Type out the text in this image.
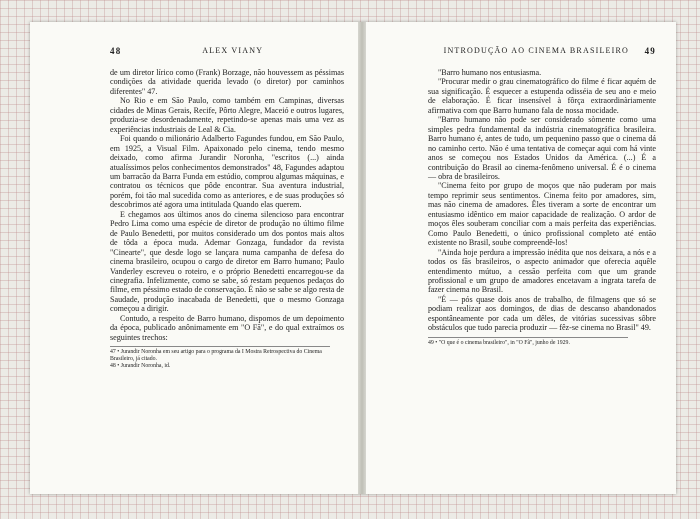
48	ALEX VIANY

de um diretor lírico como (Frank) Borzage, não houvessem as péssimas condições da atividade querida levado (o diretor) por caminhos diferentes" 47.

No Rio e em São Paulo, como também em Campinas, diversas cidades de Minas Gerais, Recife, Pôrto Alegre, Maceió e outros lugares, produzia-se desordenadamente, repetindo-se apenas mais uma vez as experiências industriais de Leal & Cia.

Foi quando o milionário Adalberto Fagundes fundou, em São Paulo, em 1925, a Visual Film. Apaixonado pelo cinema, tendo mesmo deixado, como afirma Jurandir Noronha, "escritos (...) ainda atualíssimos pelos conhecimentos demonstrados" 48, Fagundes adaptou um barracão da Barra Funda em estúdio, comprou algumas máquinas, e contratou os técnicos que pôde encontrar. Sua aventura industrial, porém, foi tão mal sucedida como as anteriores, e de suas produções só descobrimos até agora uma intitulada Quando elas querem.

E chegamos aos últimos anos do cinema silencioso para encontrar Pedro Lima como uma espécie de diretor de produção no último filme de Paulo Benedetti, por muitos considerado um dos pontos mais altos de tôda a época muda. Ademar Gonzaga, fundador da revista "Cinearte", que desde logo se lançara numa campanha de defesa do cinema brasileiro, ocupou o cargo de diretor em Barro humano; Paulo Vanderley escreveu o roteiro, e o próprio Benedetti encarregou-se da cinegrafia. Infelizmente, como se sabe, só restam pequenos pedaços do filme, em péssimo estado de conservação. É não se sabe se algo resta de Saudade, produção inacabada de Benedetti, que o mesmo Gonzaga começou a dirigir.

Contudo, a respeito de Barro humano, dispomos de um depoimento da época, publicado anônimamente em "O Fã", e do qual extraímos os seguintes trechos:

47 • Jurandir Noronha em seu artigo para o programa da I Mostra Retrospectiva do Cinema Brasileiro, já citado.

48 • Jurandir Noronha, id.

INTRODUÇÃO AO CINEMA BRASILEIRO 49

"Barro humano nos entusiasma.

"Procurar medir o grau cinematográfico do filme é ficar aquém de sua significação. É esquecer a estupenda odisséia de seu ano e meio de elaboração. É ficar insensível à fôrça extraordinàriamente afirmativa com que Barro humano fala de nossa mocidade.

"Barro humano não pode ser considerado sòmente como uma simples pedra fundamental da indústria cinematográfica brasileira. Barro humano é, antes de tudo, um pequenino passo que o cinema dá no caminho certo. Não é uma tentativa de começar aqui com há vinte anos se começou nos Estados Unidos da América. (...) É a contribuição do Brasil ao cinema-fenômeno universal. É é o cinema — obra de brasileiros.

"Cinema feito por grupo de moços que não puderam por mais tempo reprimir seus sentimentos. Cinema feito por amadores, sim, mas não cinema de amadores. Êles tiveram a sorte de encontrar um entusiasmo idêntico em maior capacidade de realização. O ardor de moços êles souberam conciliar com a mais perfeita das experiências. Como Paulo Benedetti, o único profissional completo até então existente no Brasil, soube compreendê-los!

"Ainda hoje perdura a impressão inédita que nos deixara, a nós e a todos os fãs brasileiros, o aspecto animador que oferecia aquêle entendimento mútuo, a cessão perfeita com que um grande profissional e um grupo de amadores encetavam a ingrata tarefa de fazer cinema no Brasil.

"É — pós quase dois anos de trabalho, de filmagens que só se podiam realizar aos domingos, de dias de descanso abandonados espontâneamente por cada um dêles, de vitórias sucessivas sôbre obstáculos que tudo parecia produzir — fêz-se cinema no Brasil" 49.

49 • "O que é o cinema brasileiro", in "O Fã", junho de 1929.
